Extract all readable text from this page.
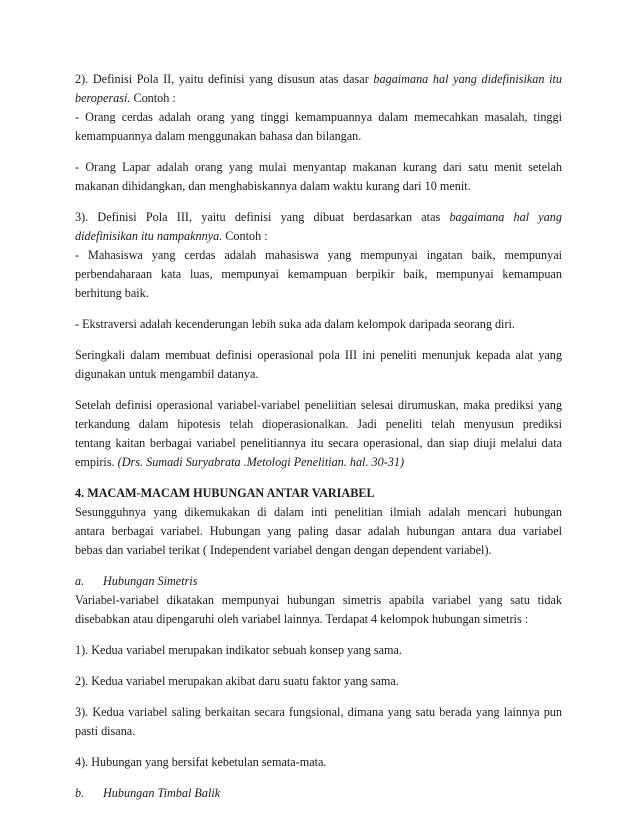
2). Definisi Pola II, yaitu definisi yang disusun atas dasar bagaimana hal yang didefinisikan itu
beroperasi. Contoh :
- Orang cerdas adalah orang yang tinggi kemampuannya dalam memecahkan masalah, tinggi
kemampuannya dalam menggunakan bahasa dan bilangan.
- Orang Lapar adalah orang yang mulai menyantap makanan kurang dari satu menit setelah
makanan dihidangkan, dan menghabiskannya dalam waktu kurang dari 10 menit.
3). Definisi Pola III, yaitu definisi yang dibuat berdasarkan atas bagaimana hal yang
didefinisikan itu nampaknnya. Contoh :
- Mahasiswa yang cerdas adalah mahasiswa yang mempunyai ingatan baik, mempunyai
perbendaharaan kata luas, mempunyai kemampuan berpikir baik, mempunyai kemampuan
berhitung baik.
- Ekstraversi adalah kecenderungan lebih suka ada dalam kelompok daripada seorang diri.
Seringkali dalam membuat definisi operasional pola III ini peneliti menunjuk kepada alat yang
digunakan untuk mengambil datanya.
Setelah definisi operasional variabel-variabel peneliitian selesai dirumuskan, maka prediksi yang
terkandung dalam hipotesis telah dioperasionalkan. Jadi peneliti telah menyusun prediksi
tentang kaitan berbagai variabel penelitiannya itu secara operasional, dan siap diuji melalui data
empiris. (Drs. Sumadi Suryabrata .Metologi Penelitian. hal. 30-31)
4. MACAM-MACAM HUBUNGAN ANTAR VARIABEL
Sesungguhnya yang dikemukakan di dalam inti penelitian ilmiah adalah mencari hubungan
antara berbagai variabel. Hubungan yang paling dasar adalah hubungan antara dua variabel
bebas dan variabel terikat ( Independent variabel dengan dengan dependent variabel).
a. Hubungan Simetris
Variabel-variabel dikatakan mempunyai hubungan simetris apabila variabel yang satu tidak
disebabkan atau dipengaruhi oleh variabel lainnya. Terdapat 4 kelompok hubungan simetris :
1). Kedua variabel merupakan indikator sebuah konsep yang sama.
2). Kedua variabel merupakan akibat daru suatu faktor yang sama.
3). Kedua variabel saling berkaitan secara fungsional, dimana yang satu berada yang lainnya pun
pasti disana.
4). Hubungan yang bersifat kebetulan semata-mata.
b. Hubungan Timbal Balik
